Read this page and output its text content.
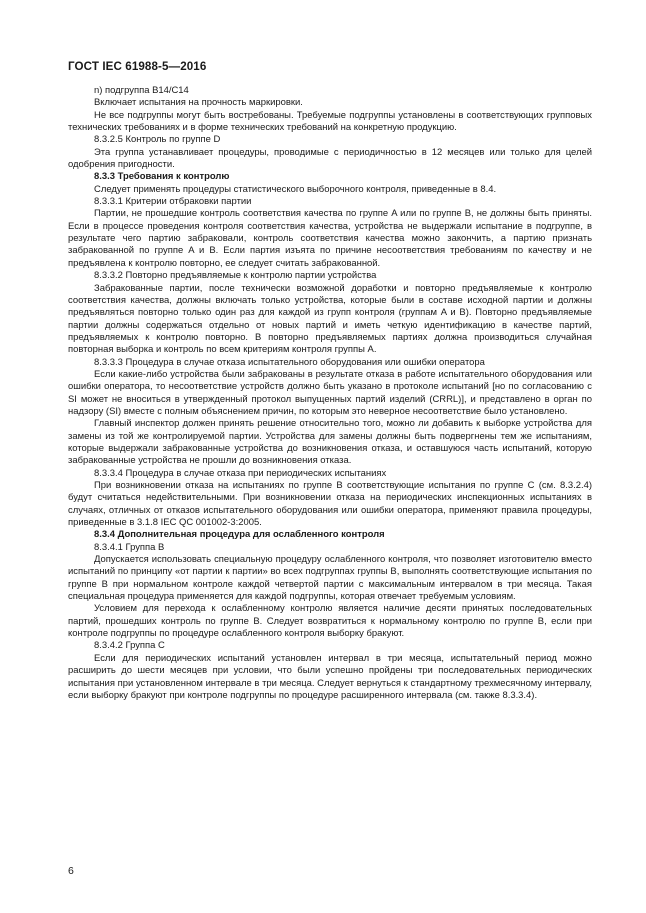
ГОСТ IEC 61988-5—2016

n) подгруппа B14/C14

Включает испытания на прочность маркировки.

Не все подгруппы могут быть востребованы. Требуемые подгруппы установлены в соответствующих групповых технических требованиях и в форме технических требований на конкретную продукцию.

8.3.2.5 Контроль по группе D

Эта группа устанавливает процедуры, проводимые с периодичностью в 12 месяцев или только для целей одобрения пригодности.

8.3.3 Требования к контролю

Следует применять процедуры статистического выборочного контроля, приведенные в 8.4.

8.3.3.1 Критерии отбраковки партии

Партии, не прошедшие контроль соответствия качества по группе A или по группе B, не должны быть приняты. Если в процессе проведения контроля соответствия качества, устройства не выдержали испытание в подгруппе, в результате чего партию забраковали, контроль соответствия качества можно закончить, а партию признать забракованной по группе A и B. Если партия изъята по причине несоответствия требованиям по качеству и не предъявлена к контролю повторно, ее следует считать забракованной.

8.3.3.2 Повторно предъявляемые к контролю партии устройства

Забракованные партии, после технически возможной доработки и повторно предъявляемые к контролю соответствия качества, должны включать только устройства, которые были в составе исходной партии и должны предъявляться повторно только один раз для каждой из групп контроля (группам A и B). Повторно предъявляемые партии должны содержаться отдельно от новых партий и иметь четкую идентификацию в качестве партий, предъявляемых к контролю повторно. В повторно предъявляемых партиях должна производиться случайная повторная выборка и контроль по всем критериям контроля группы A.

8.3.3.3 Процедура в случае отказа испытательного оборудования или ошибки оператора

Если какие-либо устройства были забракованы в результате отказа в работе испытательного оборудования или ошибки оператора, то несоответствие устройств должно быть указано в протоколе испытаний [но по согласованию с SI может не вноситься в утвержденный протокол выпущенных партий изделий (CRRL)], и представлено в орган по надзору (SI) вместе с полным объяснением причин, по которым это неверное несоответствие было установлено.

Главный инспектор должен принять решение относительно того, можно ли добавить к выборке устройства для замены из той же контролируемой партии. Устройства для замены должны быть подвергнены тем же испытаниям, которые выдержали забракованные устройства до возникновения отказа, и оставшуюся часть испытаний, которую забракованные устройства не прошли до возникновения отказа.

8.3.3.4 Процедура в случае отказа при периодических испытаниях

При возникновении отказа на испытаниях по группе B соответствующие испытания по группе C (см. 8.3.2.4) будут считаться недействительными. При возникновении отказа на периодических инспекционных испытаниях в случаях, отличных от отказов испытательного оборудования или ошибки оператора, применяют правила процедуры, приведенные в 3.1.8 IEC QC 001002-3:2005.

8.3.4 Дополнительная процедура для ослабленного контроля

8.3.4.1 Группа B

Допускается использовать специальную процедуру ослабленного контроля, что позволяет изготовителю вместо испытаний по принципу «от партии к партии» во всех подгруппах группы B, выполнять соответствующие испытания по группе B при нормальном контроле каждой четвертой партии с максимальным интервалом в три месяца. Такая специальная процедура применяется для каждой подгруппы, которая отвечает требуемым условиям.

Условием для перехода к ослабленному контролю является наличие десяти принятых последовательных партий, прошедших контроль по группе B. Следует возвратиться к нормальному контролю по группе B, если при контроле подгруппы по процедуре ослабленного контроля выборку бракуют.

8.3.4.2 Группа C

Если для периодических испытаний установлен интервал в три месяца, испытательный период можно расширить до шести месяцев при условии, что были успешно пройдены три последовательных периодических испытания при установленном интервале в три месяца. Следует вернуться к стандартному трехмесячному интервалу, если выборку бракуют при контроле подгруппы по процедуре расширенного интервала (см. также 8.3.3.4).

6
